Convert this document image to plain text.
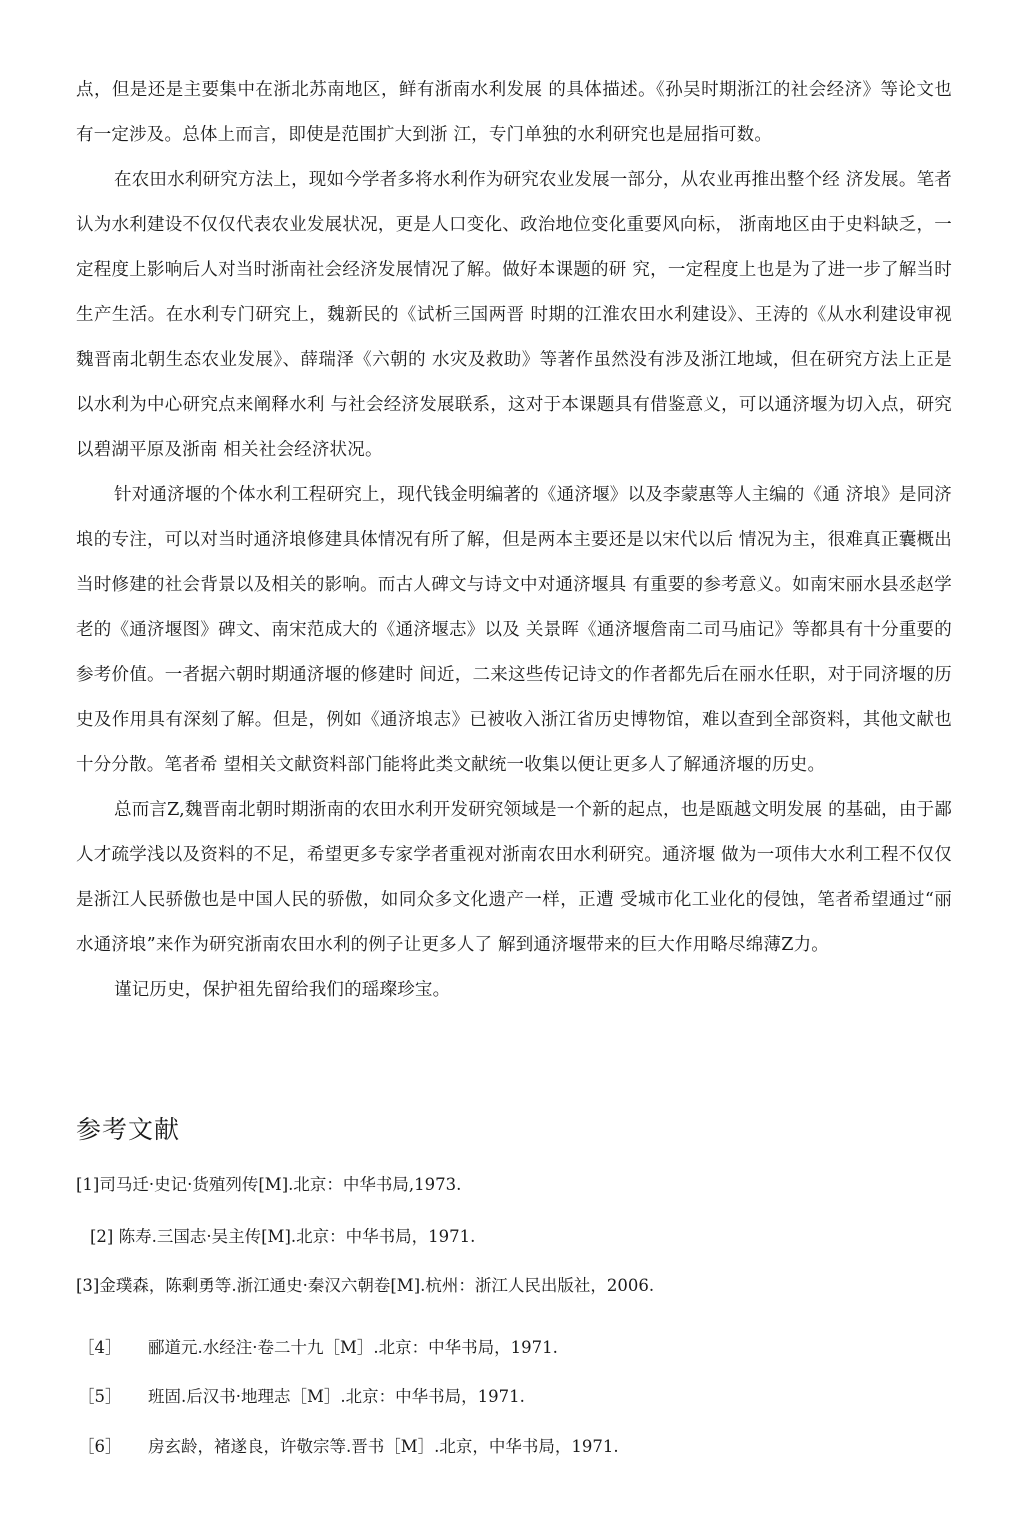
点，但是还是主要集中在浙北苏南地区，鲜有浙南水利发展 的具体描述。《孙吴时期浙江的社会经济》等论文也有一定涉及。总体上而言，即使是范围扩大到浙 江，专门单独的水利研究也是屈指可数。

在农田水利研究方法上，现如今学者多将水利作为研究农业发展一部分，从农业再推出整个经 济发展。笔者认为水利建设不仅仅代表农业发展状况，更是人口变化、政治地位变化重要风向标， 浙南地区由于史料缺乏，一定程度上影响后人对当时浙南社会经济发展情况了解。做好本课题的研 究，一定程度上也是为了进一步了解当时生产生活。在水利专门研究上，魏新民的《试析三国两晋 时期的江淮农田水利建设》、王涛的《从水利建设审视魏晋南北朝生态农业发展》、薛瑞泽《六朝的 水灾及救助》等著作虽然没有涉及浙江地域，但在研究方法上正是以水利为中心研究点来阐释水利 与社会经济发展联系，这对于本课题具有借鉴意义，可以通济堰为切入点，研究以碧湖平原及浙南 相关社会经济状况。

针对通济堰的个体水利工程研究上，现代钱金明编著的《通济堰》以及李蒙惠等人主编的《通 济埌》是同济埌的专注，可以对当时通济埌修建具体情况有所了解，但是两本主要还是以宋代以后 情况为主，很难真正囊概出当时修建的社会背景以及相关的影响。而古人碑文与诗文中对通济堰具 有重要的参考意义。如南宋丽水县丞赵学老的《通济堰图》碑文、南宋范成大的《通济堰志》以及 关景晖《通济堰詹南二司马庙记》等都具有十分重要的参考价值。一者据六朝时期通济堰的修建时 间近，二来这些传记诗文的作者都先后在丽水任职，对于同济堰的历史及作用具有深刻了解。但是，例如《通济埌志》已被收入浙江省历史博物馆，难以查到全部资料，其他文献也十分分散。笔者希 望相关文献资料部门能将此类文献统一收集以便让更多人了解通济堰的历史。

总而言Z,魏晋南北朝时期浙南的农田水利开发研究领域是一个新的起点，也是瓯越文明发展 的基础，由于鄙人才疏学浅以及资料的不足，希望更多专家学者重视对浙南农田水利研究。通济堰 做为一项伟大水利工程不仅仅是浙江人民骄傲也是中国人民的骄傲，如同众多文化遗产一样，正遭 受城市化工业化的侵蚀，笔者希望通过“丽水通济埌”来作为研究浙南农田水利的例子让更多人了 解到通济堰带来的巨大作用略尽绵薄Z力。

谨记历史，保护祖先留给我们的瑶璨珍宝。

参考文献
[1]司马迁·史记·货殖列传[M].北京：中华书局,1973.
[2] 陈寿.三国志·吴主传[M].北京：中华书局，1971.
[3]金璞森，陈剩勇等.浙江通史·秦汉六朝卷[M].杭州：浙江人民出版社，2006.
［4］ 郦道元.水经注·卷二十九［M］.北京：中华书局，1971.
［5］ 班固.后汉书·地理志［M］.北京：中华书局，1971.
［6］ 房玄龄，褚遂良，许敬宗等.晋书［M］.北京，中华书局，1971.
